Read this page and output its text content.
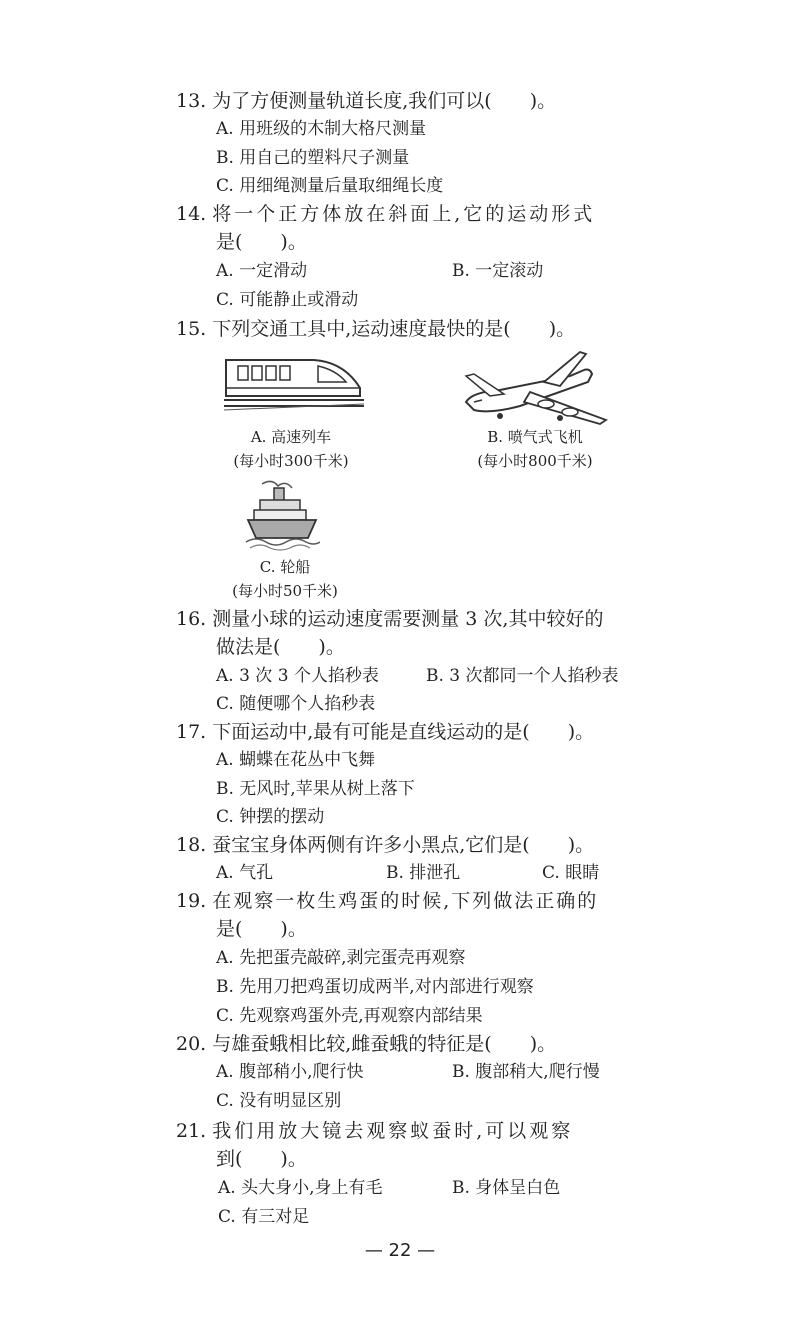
13. 为了方便测量轨道长度,我们可以(　　)。
A. 用班级的木制大格尺测量
B. 用自己的塑料尺子测量
C. 用细绳测量后量取细绳长度
14. 将一个正方体放在斜面上,它的运动形式
是(　　)。
A. 一定滑动	B. 一定滚动
C. 可能静止或滑动
15. 下列交通工具中,运动速度最快的是(　　)。
A. 高速列车
(每小时300千米)
B. 喷气式飞机
(每小时800千米)
C. 轮船
(每小时50千米)
16. 测量小球的运动速度需要测量 3 次,其中较好的
做法是(　　)。
A. 3 次 3 个人掐秒表	B. 3 次都同一个人掐秒表
C. 随便哪个人掐秒表
17. 下面运动中,最有可能是直线运动的是(　　)。
A. 蝴蝶在花丛中飞舞
B. 无风时,苹果从树上落下
C. 钟摆的摆动
18. 蚕宝宝身体两侧有许多小黑点,它们是(　　)。
A. 气孔	B. 排泄孔	C. 眼睛
19. 在观察一枚生鸡蛋的时候,下列做法正确的
是(　　)。
A. 先把蛋壳敲碎,剥完蛋壳再观察
B. 先用刀把鸡蛋切成两半,对内部进行观察
C. 先观察鸡蛋外壳,再观察内部结果
20. 与雄蚕蛾相比较,雌蚕蛾的特征是(　　)。
A. 腹部稍小,爬行快	B. 腹部稍大,爬行慢
C. 没有明显区别
21. 我们用放大镜去观察蚁蚕时,可以观察
到(　　)。
A. 头大身小,身上有毛	B. 身体呈白色
C. 有三对足
— 22 —
